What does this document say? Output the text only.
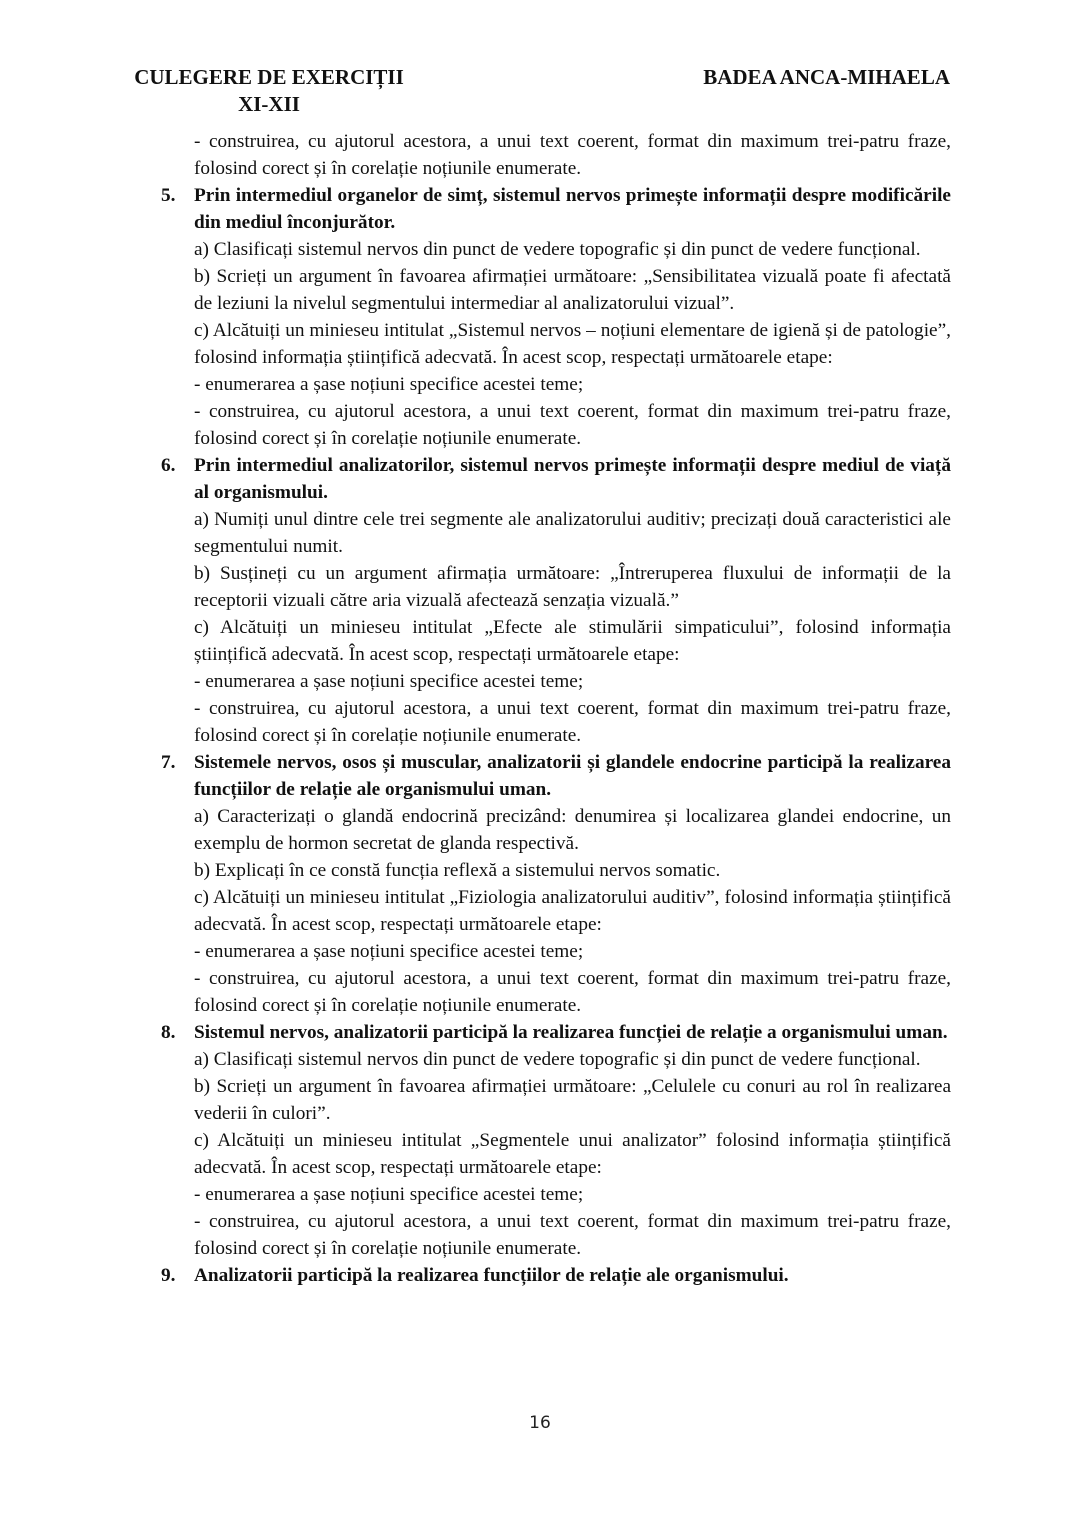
CULEGERE DE EXERCIȚII
XI-XII
BADEA ANCA-MIHAELA

- construirea, cu ajutorul acestora, a unui text coerent, format din maximum trei-patru fraze, folosind corect și în corelație noțiunile enumerate.

5. Prin intermediul organelor de simț, sistemul nervos primește informații despre modificările din mediul înconjurător.

a) Clasificați sistemul nervos din punct de vedere topografic și din punct de vedere funcțional.

b) Scrieți un argument în favoarea afirmației următoare: „Sensibilitatea vizuală poate fi afectată de leziuni la nivelul segmentului intermediar al analizatorului vizual”.

c) Alcătuiți un minieseu intitulat „Sistemul nervos – noțiuni elementare de igienă și de patologie”, folosind informația științifică adecvată. În acest scop, respectați următoarele etape:

- enumerarea a șase noțiuni specifice acestei teme;

- construirea, cu ajutorul acestora, a unui text coerent, format din maximum trei-patru fraze, folosind corect și în corelație noțiunile enumerate.

6. Prin intermediul analizatorilor, sistemul nervos primește informații despre mediul de viață al organismului.

a) Numiți unul dintre cele trei segmente ale analizatorului auditiv; precizați două caracteristici ale segmentului numit.

b) Susțineți cu un argument afirmația următoare: „Întreruperea fluxului de informații de la receptorii vizuali către aria vizuală afectează senzația vizuală.”

c) Alcătuiți un minieseu intitulat „Efecte ale stimulării simpaticului”, folosind informația științifică adecvată. În acest scop, respectați următoarele etape:

- enumerarea a șase noțiuni specifice acestei teme;

- construirea, cu ajutorul acestora, a unui text coerent, format din maximum trei-patru fraze, folosind corect și în corelație noțiunile enumerate.

7. Sistemele nervos, osos și muscular, analizatorii și glandele endocrine participă la realizarea funcțiilor de relație ale organismului uman.

a) Caracterizați o glandă endocrină precizând: denumirea și localizarea glandei endocrine, un exemplu de hormon secretat de glanda respectivă.

b) Explicați în ce constă funcția reflexă a sistemului nervos somatic.

c) Alcătuiți un minieseu intitulat „Fiziologia analizatorului auditiv”, folosind informația științifică adecvată. În acest scop, respectați următoarele etape:

- enumerarea a șase noțiuni specifice acestei teme;

- construirea, cu ajutorul acestora, a unui text coerent, format din maximum trei-patru fraze, folosind corect și în corelație noțiunile enumerate.

8. Sistemul nervos, analizatorii participă la realizarea funcției de relație a organismului uman.

a) Clasificați sistemul nervos din punct de vedere topografic și din punct de vedere funcțional.

b) Scrieți un argument în favoarea afirmației următoare: „Celulele cu conuri au rol în realizarea vederii în culori”.

c) Alcătuiți un minieseu intitulat „Segmentele unui analizator” folosind informația științifică adecvată. În acest scop, respectați următoarele etape:

- enumerarea a șase noțiuni specifice acestei teme;

- construirea, cu ajutorul acestora, a unui text coerent, format din maximum trei-patru fraze, folosind corect și în corelație noțiunile enumerate.

9. Analizatorii participă la realizarea funcțiilor de relație ale organismului.
16
